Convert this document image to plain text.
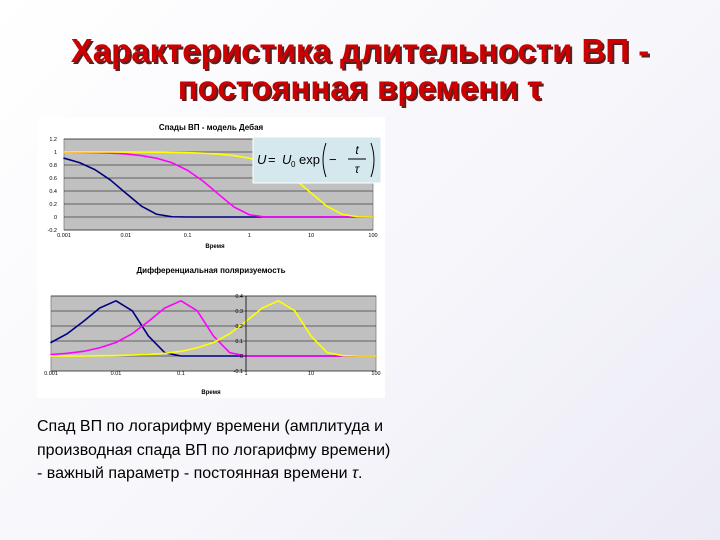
Характеристика длительности ВП -
постоянная времени τ
Спады ВП - модель Дебая
1.2
1
0.8
0.6
0.4
0.2
0
-0.2
0.001	0.01	0.1	1	10	100
Время
U = U 0 exp −
t
τ
Дифференциальная поляризуемость
0.4
0.3
0.2
0.1
0
-0.1
0.001	0.01	0.1	1	10	100
Время
Спад ВП по логарифму времени (амплитуда и производная спада ВП по логарифму времени) - важный параметр - постоянная времени τ.
